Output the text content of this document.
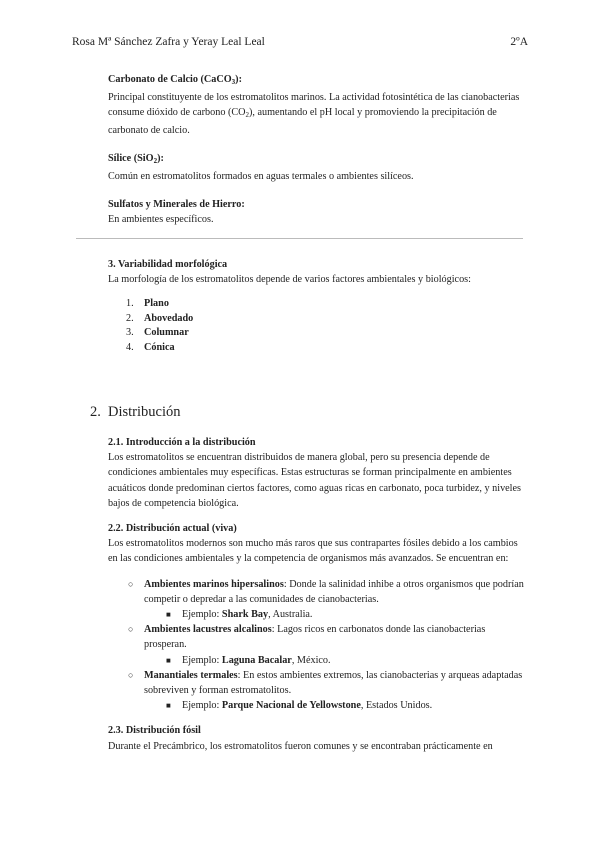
Rosa Mª Sánchez Zafra y Yeray Leal Leal	2ºA

Carbonato de Calcio (CaCO$_3$):

Principal constituyente de los estromatolitos marinos. La actividad fotosintética de las cianobacterias consume dióxido de carbono $(CO_2)$, aumentando el pH local y promoviendo la precipitación de carbonato de calcio.

Sílice (SiO$_2$):

Común en estromatolitos formados en aguas termales o ambientes silíceos.

Sulfatos y Minerales de Hierro:

En ambientes específicos.

3. Variabilidad morfológica

La morfología de los estromatolitos depende de varios factores ambientales y biológicos:

1. Plano
2. Abovedado
3. Columnar
4. Cónica
2. Distribución

2.1. Introducción a la distribución

Los estromatolitos se encuentran distribuidos de manera global, pero su presencia depende de condiciones ambientales muy específicas. Estas estructuras se forman principalmente en ambientes acuáticos donde predominan ciertos factores, como aguas ricas en carbonato, poca turbidez, y niveles bajos de competencia biológica.

2.2. Distribución actual (viva)

Los estromatolitos modernos son mucho más raros que sus contrapartes fósiles debido a los cambios en las condiciones ambientales y la competencia de organismos más avanzados. Se encuentran en:

○ Ambientes marinos hipersalinos: Donde la salinidad inhibe a otros organismos que podrían competir o depredar a las comunidades de cianobacterias.
■ Ejemplo: Shark Bay, Australia.
○ Ambientes lacustres alcalinos: Lagos ricos en carbonatos donde las cianobacterias prosperan.
■ Ejemplo: Laguna Bacalar, México.
○ Manantiales termales: En estos ambientes extremos, las cianobacterias y arqueas adaptadas sobreviven y forman estromatolitos.
■ Ejemplo: Parque Nacional de Yellowstone, Estados Unidos.

2.3. Distribución fósil

Durante el Precámbrico, los estromatolitos fueron comunes y se encontraban prácticamente en
